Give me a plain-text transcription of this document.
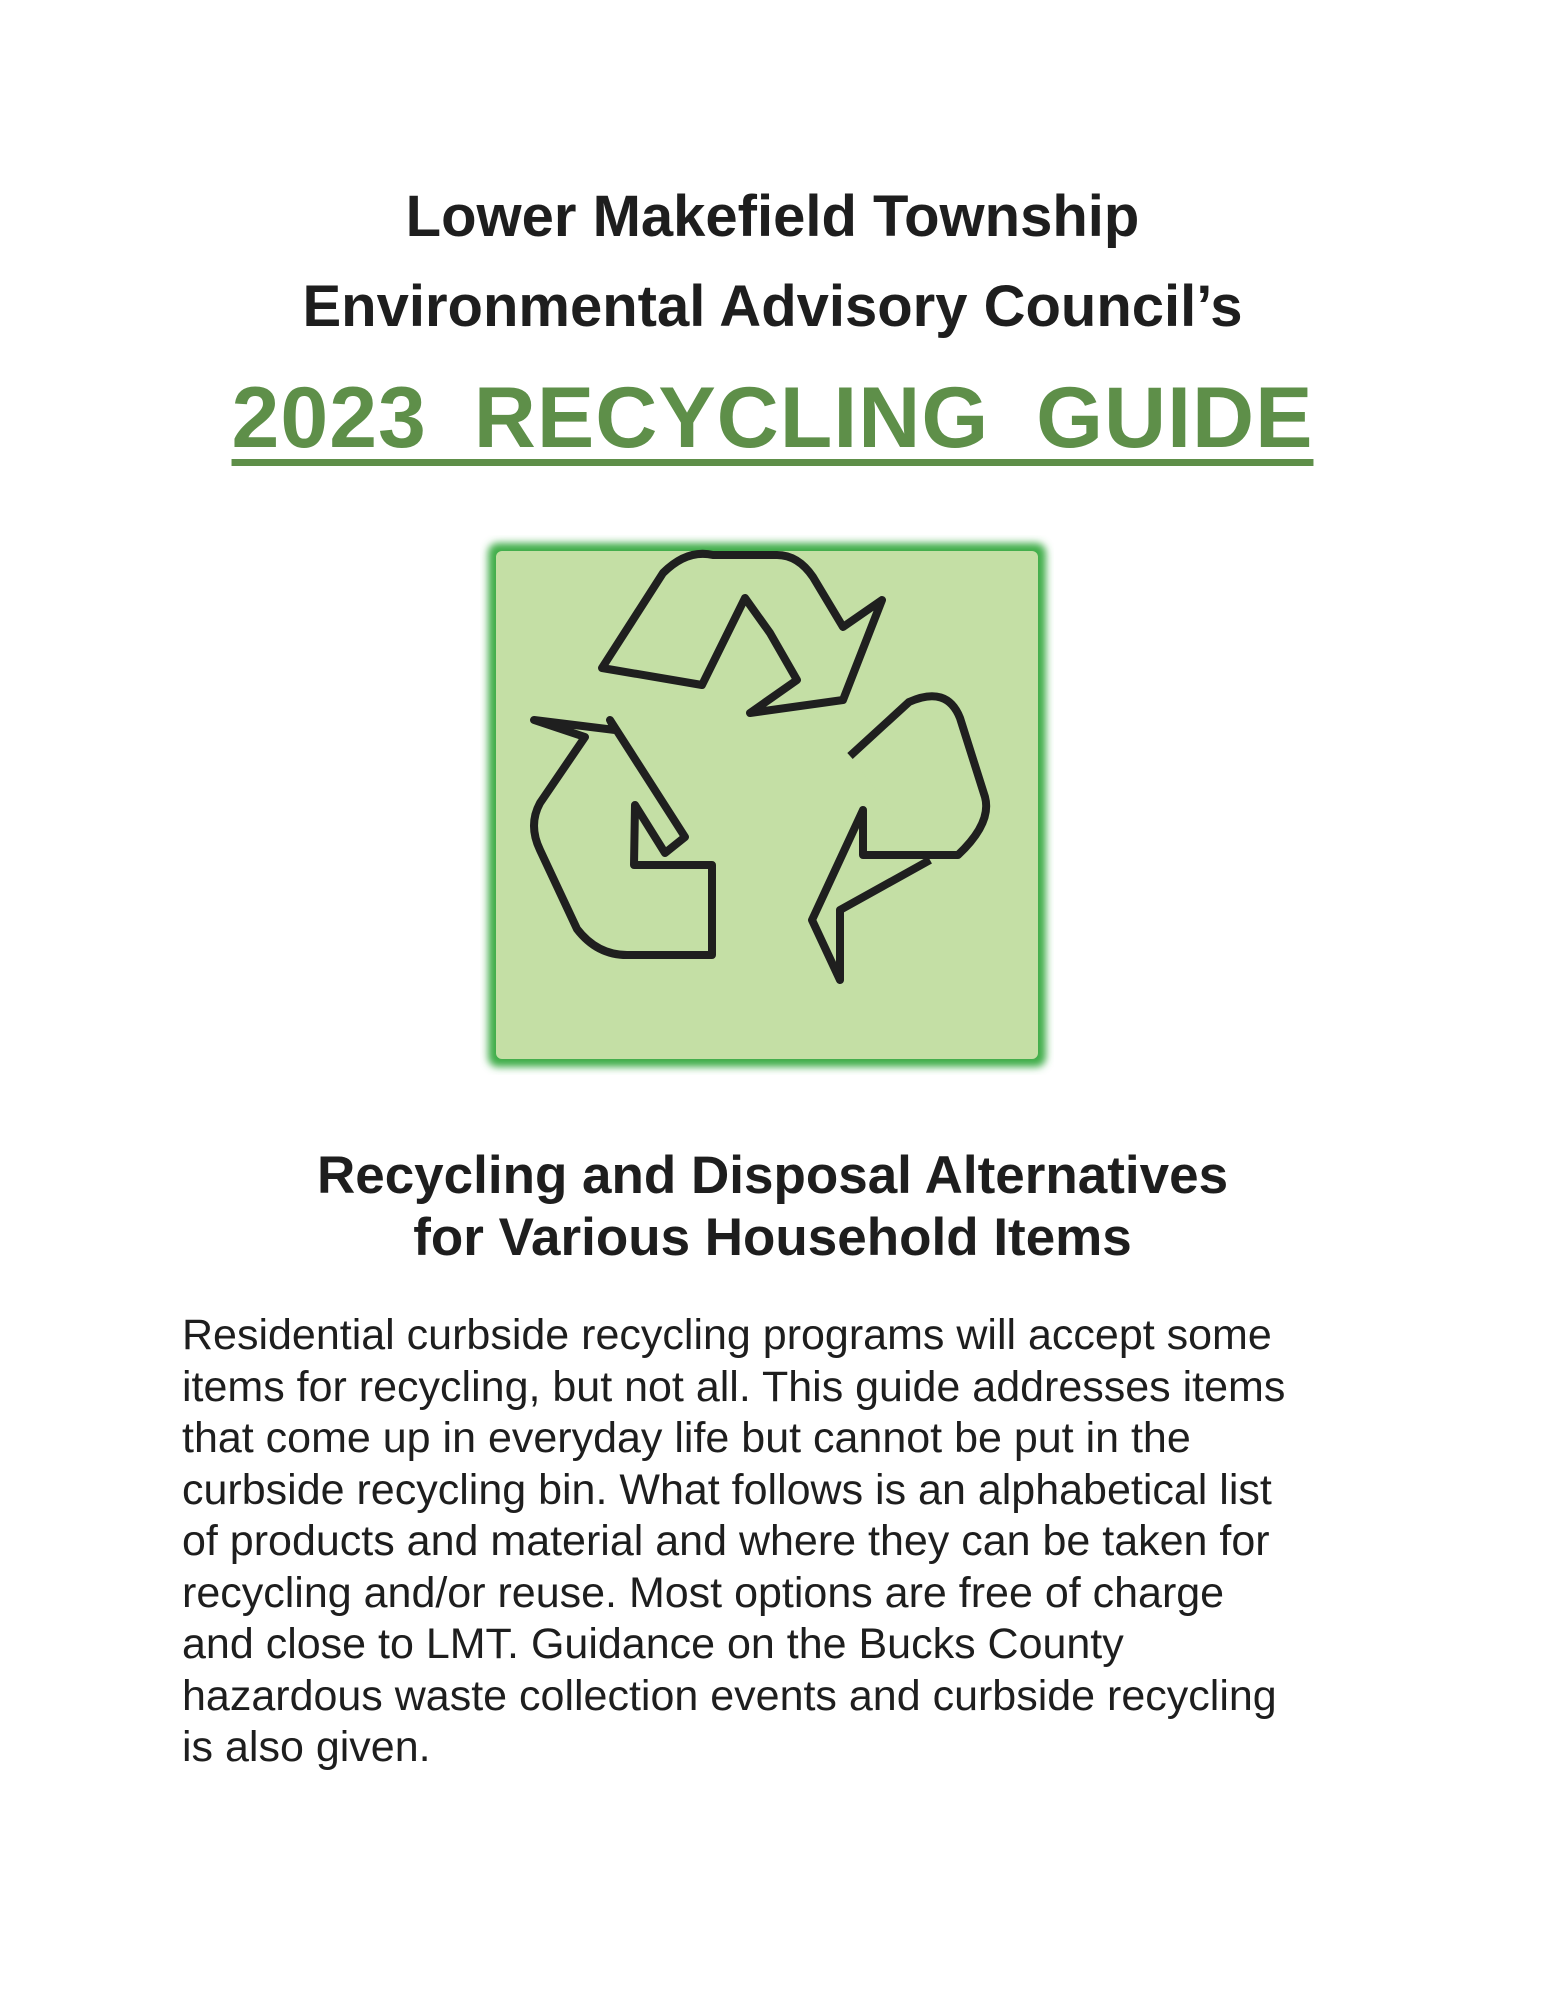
Lower Makefield Township
Environmental Advisory Council’s
2023 RECYCLING GUIDE
Recycling and Disposal Alternatives
for Various Household Items
Residential curbside recycling programs will accept some
items for recycling, but not all. This guide addresses items
that come up in everyday life but cannot be put in the
curbside recycling bin. What follows is an alphabetical list
of products and material and where they can be taken for
recycling and/or reuse. Most options are free of charge
and close to LMT. Guidance on the Bucks County
hazardous waste collection events and curbside recycling
is also given.
